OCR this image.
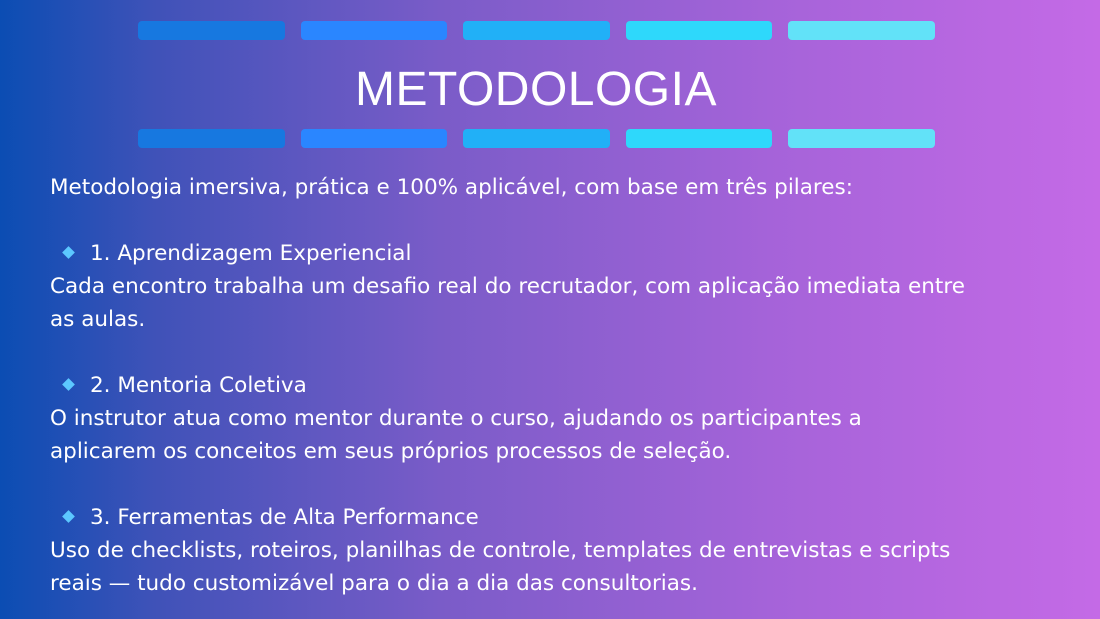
METODOLOGIA

Metodologia imersiva, prática e 100% aplicável, com base em três pilares:

1. Aprendizagem Experiencial

Cada encontro trabalha um desafio real do recrutador, com aplicação imediata entre

as aulas.

2. Mentoria Coletiva

O instrutor atua como mentor durante o curso, ajudando os participantes a

aplicarem os conceitos em seus próprios processos de seleção.

3. Ferramentas de Alta Performance

Uso de checklists, roteiros, planilhas de controle, templates de entrevistas e scripts

reais — tudo customizável para o dia a dia das consultorias.
